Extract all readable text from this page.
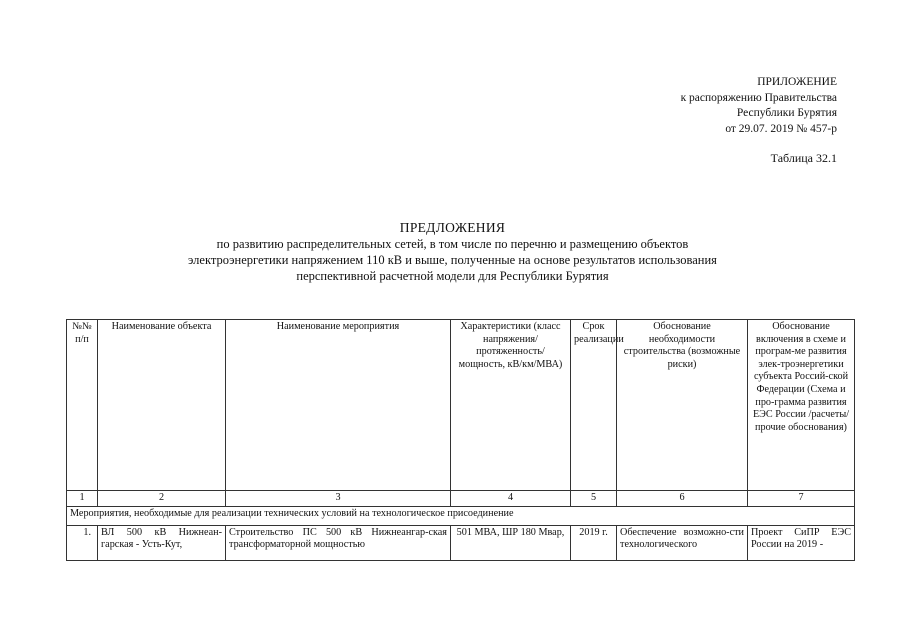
ПРИЛОЖЕНИЕ
к распоряжению Правительства
Республики Бурятия
от 29.07. 2019 № 457-р
Таблица 32.1
ПРЕДЛОЖЕНИЯ
по развитию распределительных сетей, в том числе по перечню и размещению объектов
электроэнергетики напряжением 110 кВ и выше, полученные на основе результатов использования
перспективной расчетной модели для Республики Бурятия
№№ п/п	Наименование объекта	Наименование мероприятия	Характеристики (класс напряжения/ протяженность/ мощность, кВ/км/МВА)	Срок реализации	Обоснование необходимости строительства (возможные риски)	Обоснование включения в схеме и програм-ме развития элек-троэнергетики субъекта Россий-ской Федерации (Схема и про-грамма развития ЕЭС России /расчеты/прочие обоснования)
1	2	3	4	5	6	7
Мероприятия, необходимые для реализации технических условий на технологическое присоединение						
1.	ВЛ 500 кВ Нижнеан-гарская - Усть-Кут,	Строительство ПС 500 кВ Нижнеангар-ская трансформаторной мощностью	501 МВА, ШР 180 Мвар,	2019 г.	Обеспечение возможно-сти технологического	Проект СиПР ЕЭС России на 2019 -
